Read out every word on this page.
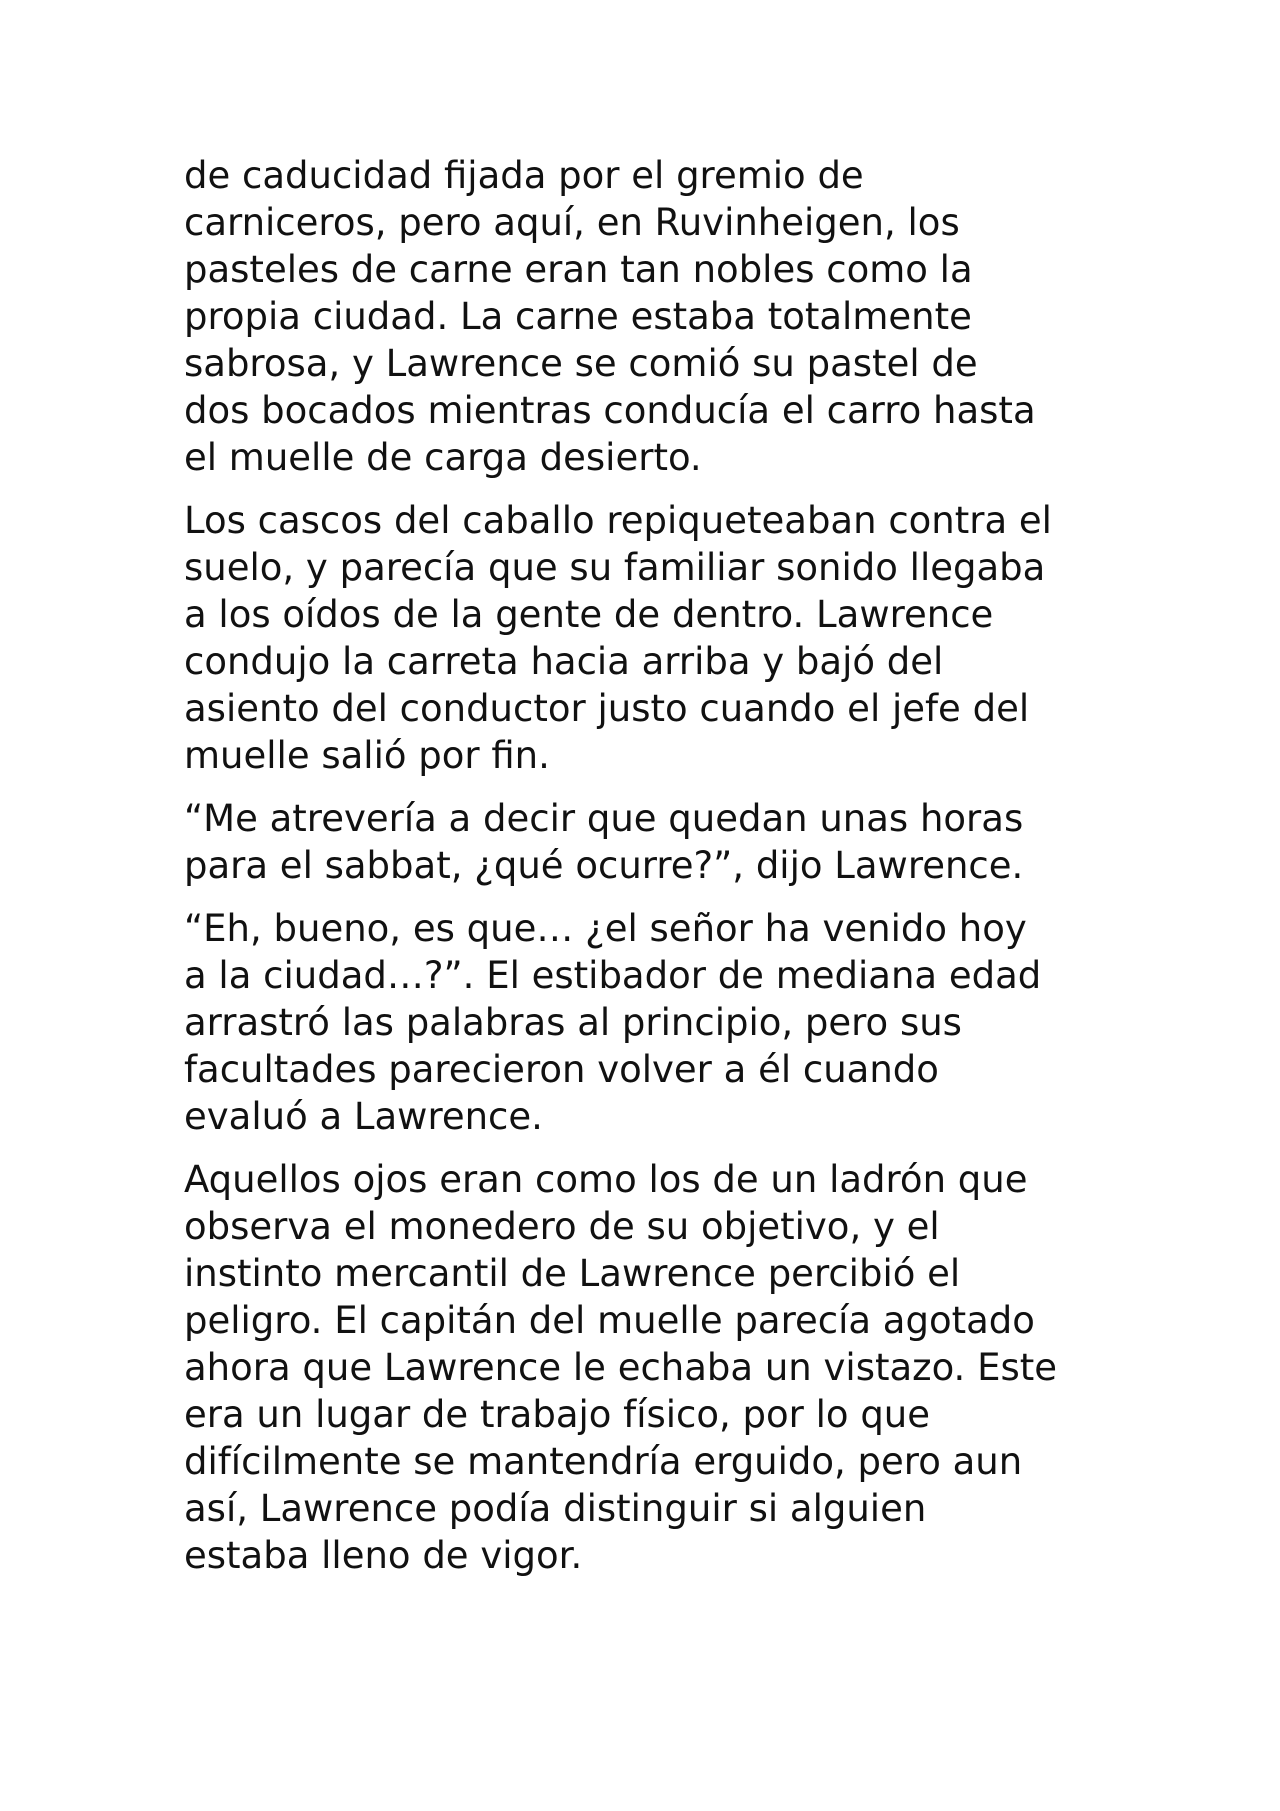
de caducidad fijada por el gremio de
carniceros, pero aquí, en Ruvinheigen, los
pasteles de carne eran tan nobles como la
propia ciudad. La carne estaba totalmente
sabrosa, y Lawrence se comió su pastel de
dos bocados mientras conducía el carro hasta
el muelle de carga desierto.

Los cascos del caballo repiqueteaban contra el
suelo, y parecía que su familiar sonido llegaba
a los oídos de la gente de dentro. Lawrence
condujo la carreta hacia arriba y bajó del
asiento del conductor justo cuando el jefe del
muelle salió por fin.

“Me atrevería a decir que quedan unas horas
para el sabbat, ¿qué ocurre?”, dijo Lawrence.

“Eh, bueno, es que… ¿el señor ha venido hoy
a la ciudad…?”. El estibador de mediana edad
arrastró las palabras al principio, pero sus
facultades parecieron volver a él cuando
evaluó a Lawrence.

Aquellos ojos eran como los de un ladrón que
observa el monedero de su objetivo, y el
instinto mercantil de Lawrence percibió el
peligro. El capitán del muelle parecía agotado
ahora que Lawrence le echaba un vistazo. Este
era un lugar de trabajo físico, por lo que
difícilmente se mantendría erguido, pero aun
así, Lawrence podía distinguir si alguien
estaba lleno de vigor.
